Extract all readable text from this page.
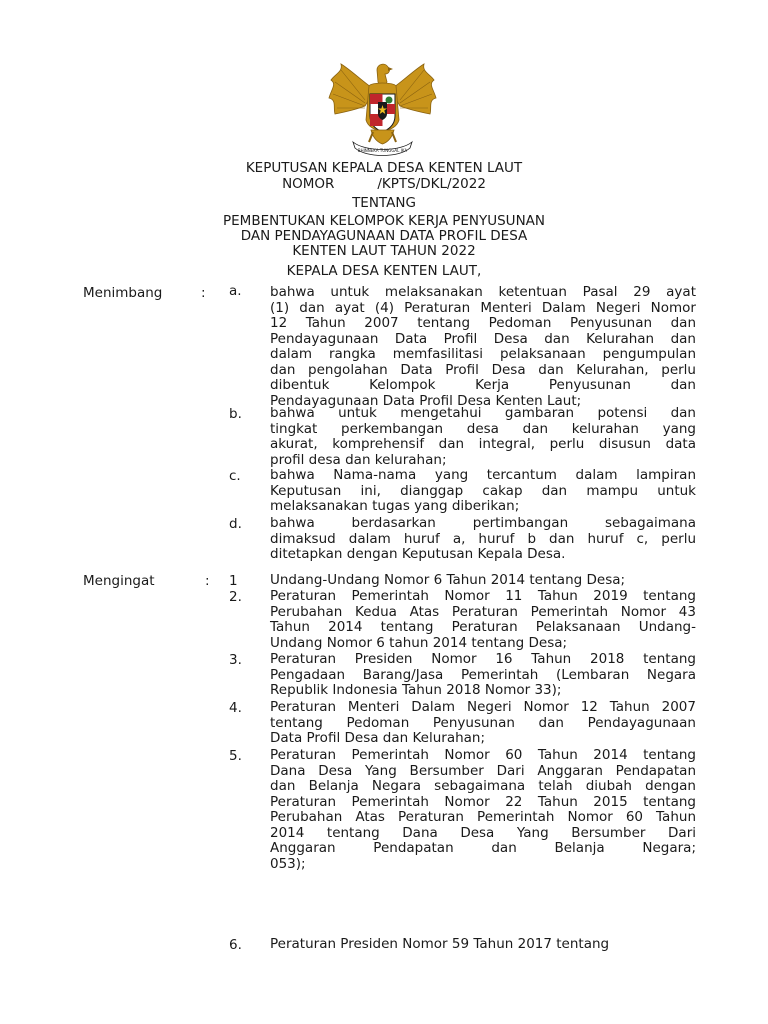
BHINNEKA TUNGGAL IKA
KEPUTUSAN KEPALA DESA KENTEN LAUT
NOMOR          /KPTS/DKL/2022
TENTANG
PEMBENTUKAN KELOMPOK KERJA PENYUSUNAN
DAN PENDAYAGUNAAN DATA PROFIL DESA
KENTEN LAUT TAHUN 2022
KEPALA DESA KENTEN LAUT,
Menimbang	: a. bahwa untuk melaksanakan ketentuan Pasal 29 ayat
(1) dan ayat (4) Peraturan Menteri Dalam Negeri Nomor
12 Tahun 2007 tentang Pedoman Penyusunan dan
Pendayagunaan Data Profil Desa dan Kelurahan dan
dalam rangka memfasilitasi pelaksanaan pengumpulan
dan pengolahan Data Profil Desa dan Kelurahan, perlu
dibentuk Kelompok Kerja Penyusunan dan
Pendayagunaan Data Profil Desa Kenten Laut;
b. bahwa untuk mengetahui gambaran potensi dan
tingkat perkembangan desa dan kelurahan yang
akurat, komprehensif dan integral, perlu disusun data
profil desa dan kelurahan;
c. bahwa Nama-nama yang tercantum dalam lampiran
Keputusan ini, dianggap cakap dan mampu untuk
melaksanakan tugas yang diberikan;
d. bahwa berdasarkan pertimbangan sebagaimana
dimaksud dalam huruf a, huruf b dan huruf c, perlu
ditetapkan dengan Keputusan Kepala Desa.
Mengingat	: 1 Undang-Undang Nomor 6 Tahun 2014 tentang Desa;
2. Peraturan Pemerintah Nomor 11 Tahun 2019 tentang
Perubahan Kedua Atas Peraturan Pemerintah Nomor 43
Tahun 2014 tentang Peraturan Pelaksanaan Undang-
Undang Nomor 6 tahun 2014 tentang Desa;
3. Peraturan Presiden Nomor 16 Tahun 2018 tentang
Pengadaan Barang/Jasa Pemerintah (Lembaran Negara
Republik Indonesia Tahun 2018 Nomor 33);
4. Peraturan Menteri Dalam Negeri Nomor 12 Tahun 2007
tentang Pedoman Penyusunan dan Pendayagunaan
Data Profil Desa dan Kelurahan;
5. Peraturan Pemerintah Nomor 60 Tahun 2014 tentang
Dana Desa Yang Bersumber Dari Anggaran Pendapatan
dan Belanja Negara sebagaimana telah diubah dengan
Peraturan Pemerintah Nomor 22 Tahun 2015 tentang
Perubahan Atas Peraturan Pemerintah Nomor 60 Tahun
2014 tentang Dana Desa Yang Bersumber Dari
Anggaran Pendapatan dan Belanja Negara;
053);
6. Peraturan Presiden Nomor 59 Tahun 2017 tentang
